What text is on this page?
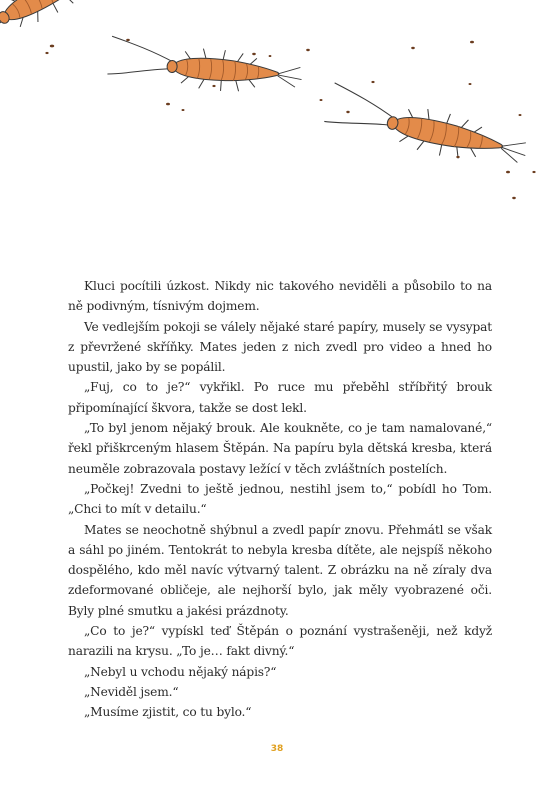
Kluci pocítili úzkost. Nikdy nic takového neviděli a působilo to na ně podivným, tísnivým dojmem.

Ve vedlejším pokoji se válely nějaké staré papíry, musely se vysypat z převržené skříňky. Mates jeden z nich zvedl pro video a hned ho upustil, jako by se popálil.

„Fuj, co to je?“ vykřikl. Po ruce mu přeběhl stříbřitý brouk připomínající škvora, takže se dost lekl.

„To byl jenom nějaký brouk. Ale koukněte, co je tam namalované,“ řekl přiškrceným hlasem Štěpán. Na papíru byla dětská kresba, která neuměle zobrazovala postavy ležící v těch zvláštních postelích.

„Počkej! Zvedni to ještě jednou, nestihl jsem to,“ pobídl ho Tom. „Chci to mít v detailu.“

Mates se neochotně shýbnul a zvedl papír znovu. Přehmátl se však a sáhl po jiném. Tentokrát to nebyla kresba dítěte, ale nejspíš někoho dospělého, kdo měl navíc výtvarný talent. Z obrázku na ně zíraly dva zdeformované obličeje, ale nejhorší bylo, jak měly vyobrazené oči. Byly plné smutku a jakési prázdnoty.

„Co to je?“ vypískl teď Štěpán o poznání vystrašeněji, než když narazili na krysu. „To je… fakt divný.“

„Nebyl u vchodu nějaký nápis?“

„Neviděl jsem.“

„Musíme zjistit, co tu bylo.“

38
